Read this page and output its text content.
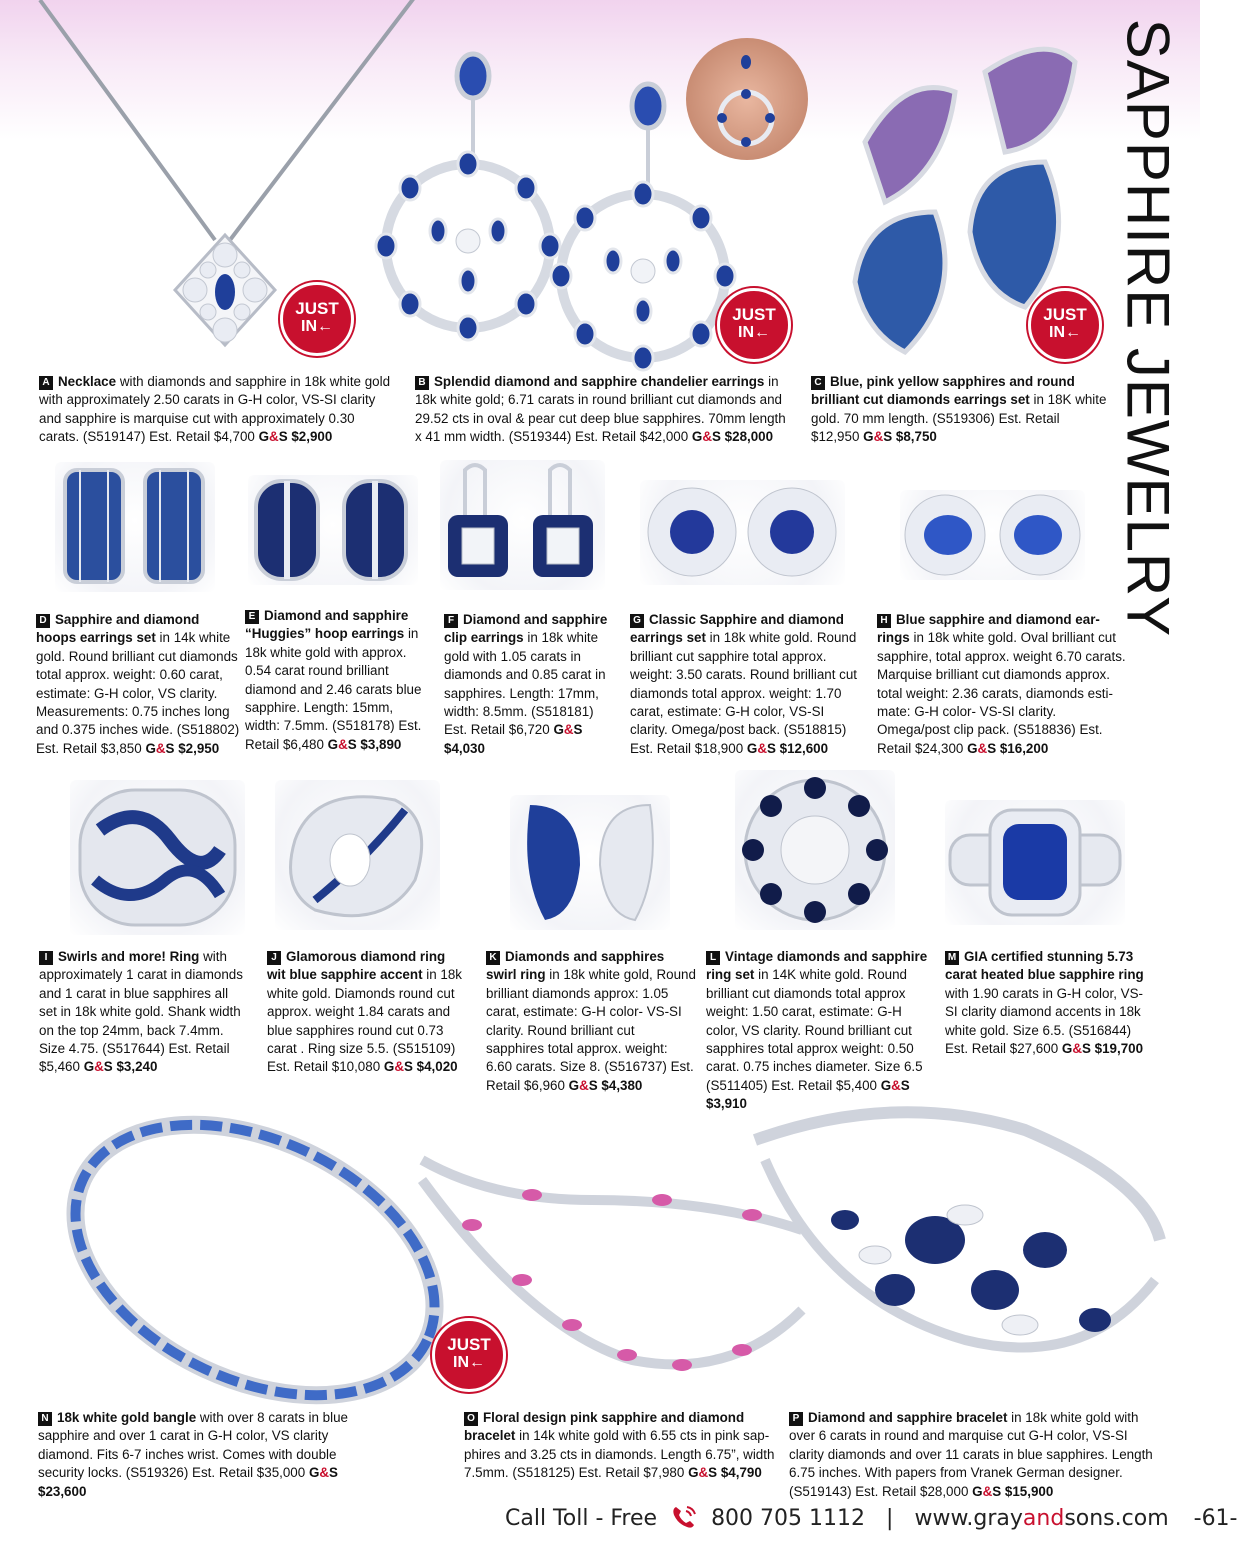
SAPPHIRE JEWELRY
JUST
IN←
JUST
IN←
JUST
IN←
A Necklace with diamonds and sapphire in 18k white gold with approximately 2.50 carats in G-H color, VS-SI clarity and sapphire is marquise cut with approximately 0.30 carats. (S519147) Est. Retail $4,700 G&S $2,900
B Splendid diamond and sapphire chandelier earrings in 18k white gold; 6.71 carats in round brilliant cut diamonds and 29.52 cts in oval & pear cut deep blue sapphires. 70mm length x 41 mm width. (S519344) Est. Retail $42,000 G&S $28,000
C Blue, pink yellow sapphires and round brilliant cut diamonds earrings set in 18K white gold. 70 mm length. (S519306) Est. Retail $12,950 G&S $8,750
D Sapphire and diamond hoops earrings set in 14k white gold. Round brilliant cut diamonds total approx. weight: 0.60 carat, estimate: G-H color, VS clarity. Measurements: 0.75 inches long and 0.375 inches wide. (S518802) Est. Retail $3,850 G&S $2,950
E Diamond and sapphire “Huggies” hoop earrings in 18k white gold with approx. 0.54 carat round brilliant diamond and 2.46 carats blue sapphire. Length: 15mm, width: 7.5mm. (S518178) Est. Retail $6,480 G&S $3,890
F Diamond and sapphire clip earrings in 18k white gold with 1.05 carats in diamonds and 0.85 carat in sapphires. Length: 17mm, width: 8.5mm. (S518181) Est. Retail $6,720 G&S $4,030
G Classic Sapphire and diamond earrings set in 18k white gold. Round brilliant cut sapphire total approx. weight: 3.50 carats. Round brilliant cut diamonds total approx. weight: 1.70 carat, estimate: G-H color, VS-SI clarity. Omega/post back. (S518815) Est. Retail $18,900 G&S $12,600
H Blue sapphire and diamond ear-rings in 18k white gold. Oval brilliant cut sapphire, total approx. weight 6.70 carats. Marquise brilliant cut diamonds approx. total weight: 2.36 carats, diamonds esti-mate: G-H color- VS-SI clarity. Omega/post clip pack. (S518836) Est. Retail $24,300 G&S $16,200
I Swirls and more! Ring with approximately 1 carat in diamonds and 1 carat in blue sapphires all set in 18k white gold. Shank width on the top 24mm, back 7.4mm. Size 4.75. (S517644) Est. Retail $5,460 G&S $3,240
J Glamorous diamond ring wit blue sapphire accent in 18k white gold. Diamonds round cut approx. weight 1.84 carats and blue sapphires round cut 0.73 carat . Ring size 5.5. (S515109) Est. Retail $10,080 G&S $4,020
K Diamonds and sapphires swirl ring in 18k white gold, Round brilliant diamonds approx: 1.05 carat, estimate: G-H color- VS-SI clarity. Round brilliant cut sapphires total approx. weight: 6.60 carats. Size 8. (S516737) Est. Retail $6,960 G&S $4,380
L Vintage diamonds and sapphire ring set in 14K white gold. Round brilliant cut diamonds total approx weight: 1.50 carat, estimate: G-H color, VS clarity. Round brilliant cut sapphires total approx weight: 0.50 carat. 0.75 inches diameter. Size 6.5 (S511405) Est. Retail $5,400 G&S $3,910
M GIA certified stunning 5.73 carat heated blue sapphire ring with 1.90 carats in G-H color, VS-SI clarity diamond accents in 18k white gold. Size 6.5. (S516844) Est. Retail $27,600 G&S $19,700
JUST
IN←
N 18k white gold bangle with over 8 carats in blue sapphire and over 1 carat in G-H color, VS clarity diamond. Fits 6-7 inches wrist. Comes with double security locks. (S519326) Est. Retail $35,000 G&S $23,600
O Floral design pink sapphire and diamond bracelet in 14k white gold with 6.55 cts in pink sap-phires and 3.25 cts in diamonds. Length 6.75”, width 7.5mm. (S518125) Est. Retail $7,980 G&S $4,790
P Diamond and sapphire bracelet in 18k white gold with over 6 carats in round and marquise cut G-H color, VS-SI clarity diamonds and over 11 carats in blue sapphires. Length 6.75 inches. With papers from Vranek German designer. (S519143) Est. Retail $28,000 G&S $15,900
Call Toll - Free 800 705 1112 | www.grayandsons.com -61-
